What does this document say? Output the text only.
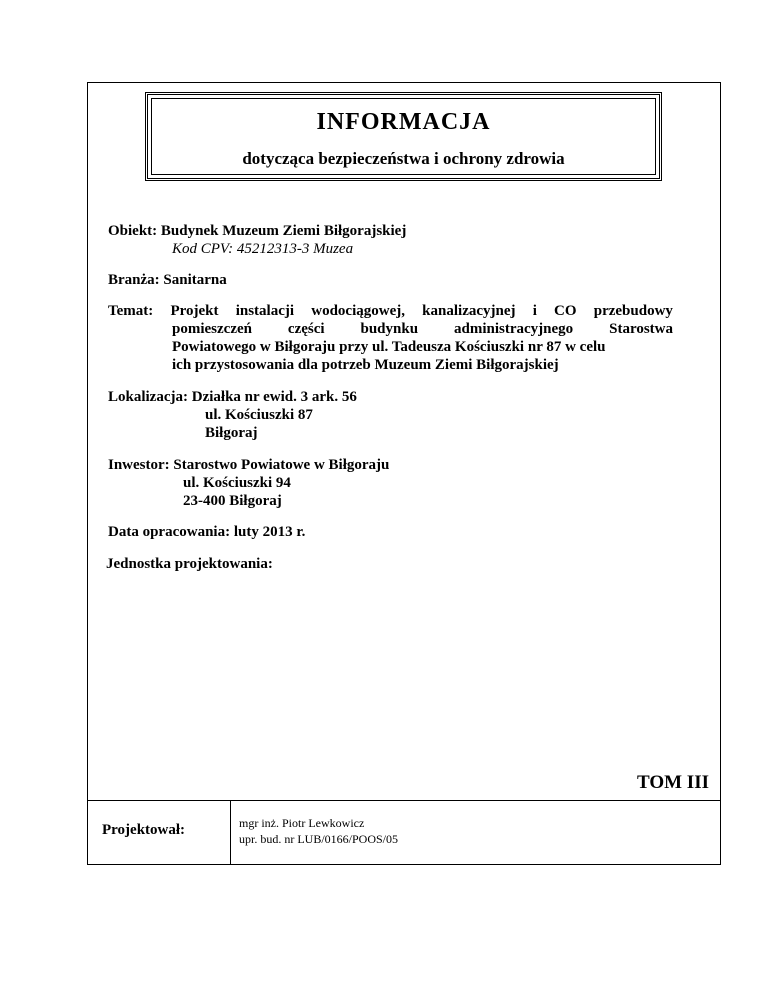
INFORMACJA
dotycząca bezpieczeństwa i ochrony zdrowia
Obiekt: Budynek Muzeum Ziemi Biłgorajskiej
Kod CPV: 45212313-3 Muzea
Branża: Sanitarna
Temat: Projekt instalacji wodociągowej, kanalizacyjnej i CO przebudowy
pomieszczeń części budynku administracyjnego Starostwa
Powiatowego w Biłgoraju przy ul. Tadeusza Kościuszki nr 87 w celu
ich przystosowania dla potrzeb Muzeum Ziemi Biłgorajskiej
Lokalizacja: Działka nr ewid. 3 ark. 56
ul. Kościuszki 87
Biłgoraj
Inwestor: Starostwo Powiatowe w Biłgoraju
ul. Kościuszki 94
23-400 Biłgoraj
Data opracowania: luty 2013 r.
Jednostka projektowania:
TOM III
Projektował:	mgr inż. Piotr Lewkowicz
upr. bud. nr LUB/0166/POOS/05
